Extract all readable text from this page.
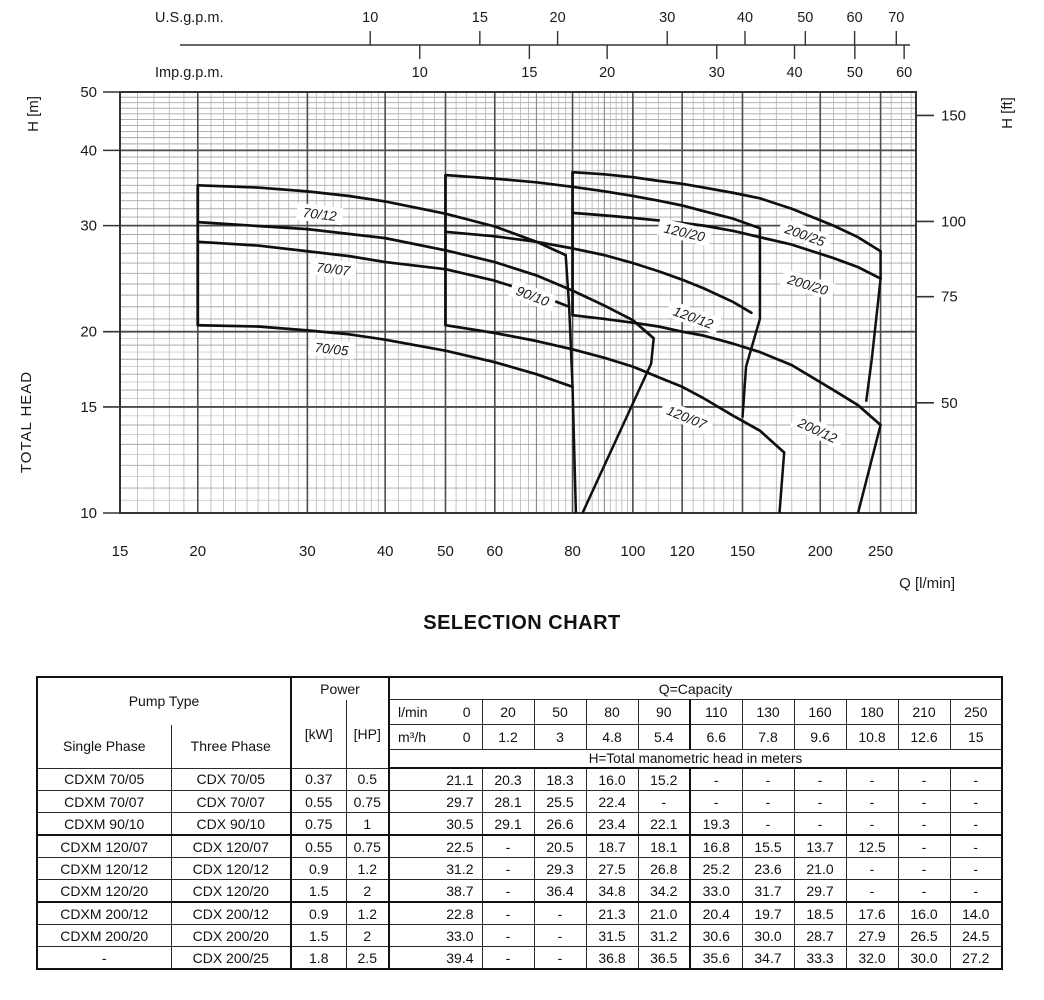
70/05
70/07
70/12
90/10
120/07
120/12
120/20
200/12
200/20
200/25
10
15
20
30
40
50
50
75
100
150
15	20	30	40	50 60	80	100 120 150	200 250
Q [l/min]
H [m]
TOTAL HEAD
H [ft]
U.S.g.p.m.	10	15	20	30	40	50 60 70
Imp.g.p.m.	10	15	20	30	40	50 60
SELECTION CHART
Pump Type		Power		Q=Capacity										
		[kW]	[HP]	l/min 0	20	50	80	90	110	130	160	180	210	250
Single Phase	Three Phase			m³/h 0	1.2	3	4.8	5.4	6.6	7.8	9.6	10.8	12.6	15
				H=Total manometric head in meters										
CDXM 70/05	CDX 70/05	0.37	0.5	21.1	20.3	18.3	16.0	15.2	-	-	-	-	-	-
CDXM 70/07	CDX 70/07	0.55	0.75	29.7	28.1	25.5	22.4	-	-	-	-	-	-	-
CDXM 90/10	CDX 90/10	0.75	1	30.5	29.1	26.6	23.4	22.1	19.3	-	-	-	-	-
CDXM 120/07	CDX 120/07	0.55	0.75	22.5	-	20.5	18.7	18.1	16.8	15.5	13.7	12.5	-	-
CDXM 120/12	CDX 120/12	0.9	1.2	31.2	-	29.3	27.5	26.8	25.2	23.6	21.0	-	-	-
CDXM 120/20	CDX 120/20	1.5	2	38.7	-	36.4	34.8	34.2	33.0	31.7	29.7	-	-	-
CDXM 200/12	CDX 200/12	0.9	1.2	22.8	-	-	21.3	21.0	20.4	19.7	18.5	17.6	16.0	14.0
CDXM 200/20	CDX 200/20	1.5	2	33.0	-	-	31.5	31.2	30.6	30.0	28.7	27.9	26.5	24.5
-	CDX 200/25	1.8	2.5	39.4	-	-	36.8	36.5	35.6	34.7	33.3	32.0	30.0	27.2
